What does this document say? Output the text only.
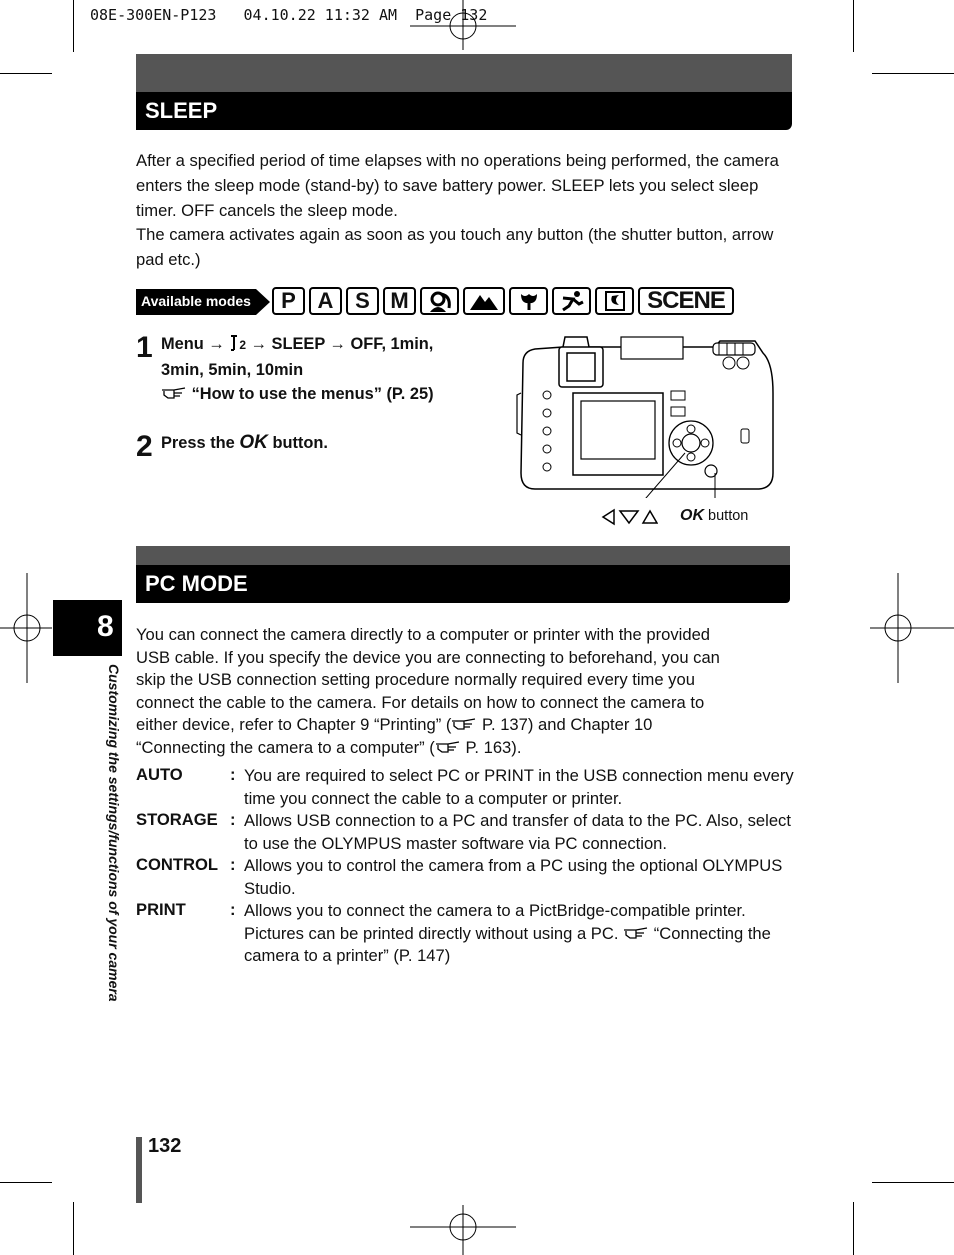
08E-300EN-P123   04.10.22 11:32 AM  Page 132
SLEEP
After a specified period of time elapses with no operations being performed, the camera enters the sleep mode (stand-by) to save battery power. SLEEP lets you select sleep timer. OFF cancels the sleep mode.
The camera activates again as soon as you touch any button (the shutter button, arrow pad etc.)
Available modes	P A S M	SCENE
1 Menu → 2 → SLEEP → OFF, 1min,
3min, 5min, 10min
“How to use the menus” (P. 25)
2 Press the OK button.
OK button
PC MODE
You can connect the camera directly to a computer or printer with the provided
USB cable. If you specify the device you are connecting to beforehand, you can
skip the USB connection setting procedure normally required every time you
connect the cable to the camera. For details on how to connect the camera to
either device, refer to Chapter 9 “Printing” ( P. 137) and Chapter 10
“Connecting the camera to a computer” ( P. 163).
AUTO	: You are required to select PC or PRINT in the USB connection menu every time you connect the cable to a computer or printer.
STORAGE : Allows USB connection to a PC and transfer of data to the PC. Also, select to use the OLYMPUS master software via PC connection.
CONTROL : Allows you to control the camera from a PC using the optional OLYMPUS Studio.
PRINT	: Allows you to connect the camera to a PictBridge-compatible printer. Pictures can be printed directly without using a PC. “Connecting the camera to a printer” (P. 147)
8
Customizing the settings/functions of your camera
132
